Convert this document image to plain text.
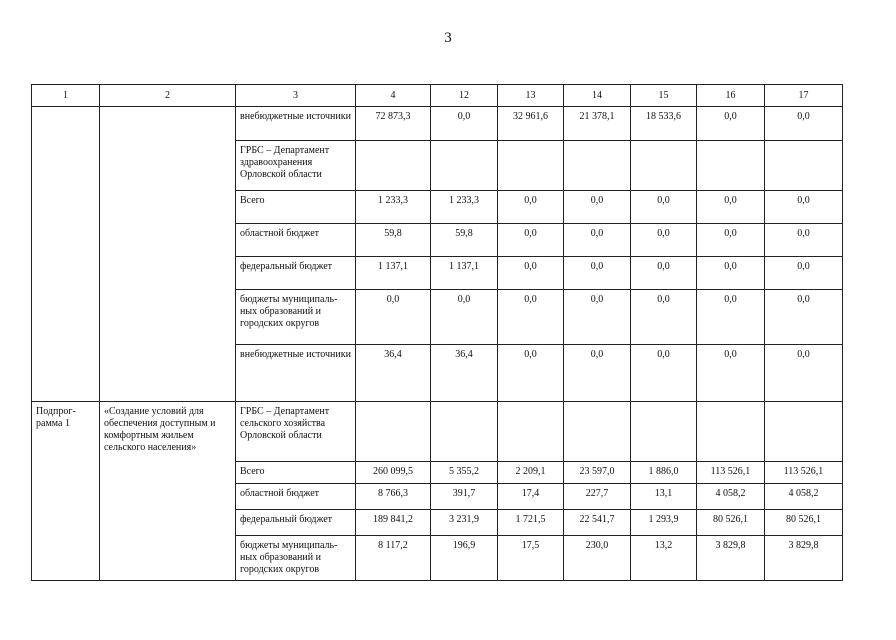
3
1	2	3	4	12	13	14	15	16	17
		внебюджетные источники	72 873,3	0,0	32 961,6	21 378,1	18 533,6	0,0	0,0
		ГРБС – Департамент здравоохранения Орловской области							
		Всего	1 233,3	1 233,3	0,0	0,0	0,0	0,0	0,0
		областной бюджет	59,8	59,8	0,0	0,0	0,0	0,0	0,0
		федеральный бюджет	1 137,1	1 137,1	0,0	0,0	0,0	0,0	0,0
		бюджеты муниципаль-ных образований и городских округов	0,0	0,0	0,0	0,0	0,0	0,0	0,0
		внебюджетные источники	36,4	36,4	0,0	0,0	0,0	0,0	0,0
Подпрог-рамма 1	«Создание условий для обеспечения доступным и комфортным жильем сельского населения»	ГРБС – Департамент сельского хозяйства Орловской области							
		Всего	260 099,5	5 355,2	2 209,1	23 597,0	1 886,0	113 526,1	113 526,1
		областной бюджет	8 766,3	391,7	17,4	227,7	13,1	4 058,2	4 058,2
		федеральный бюджет	189 841,2	3 231,9	1 721,5	22 541,7	1 293,9	80 526,1	80 526,1
		бюджеты муниципаль-ных образований и городских округов	8 117,2	196,9	17,5	230,0	13,2	3 829,8	3 829,8
